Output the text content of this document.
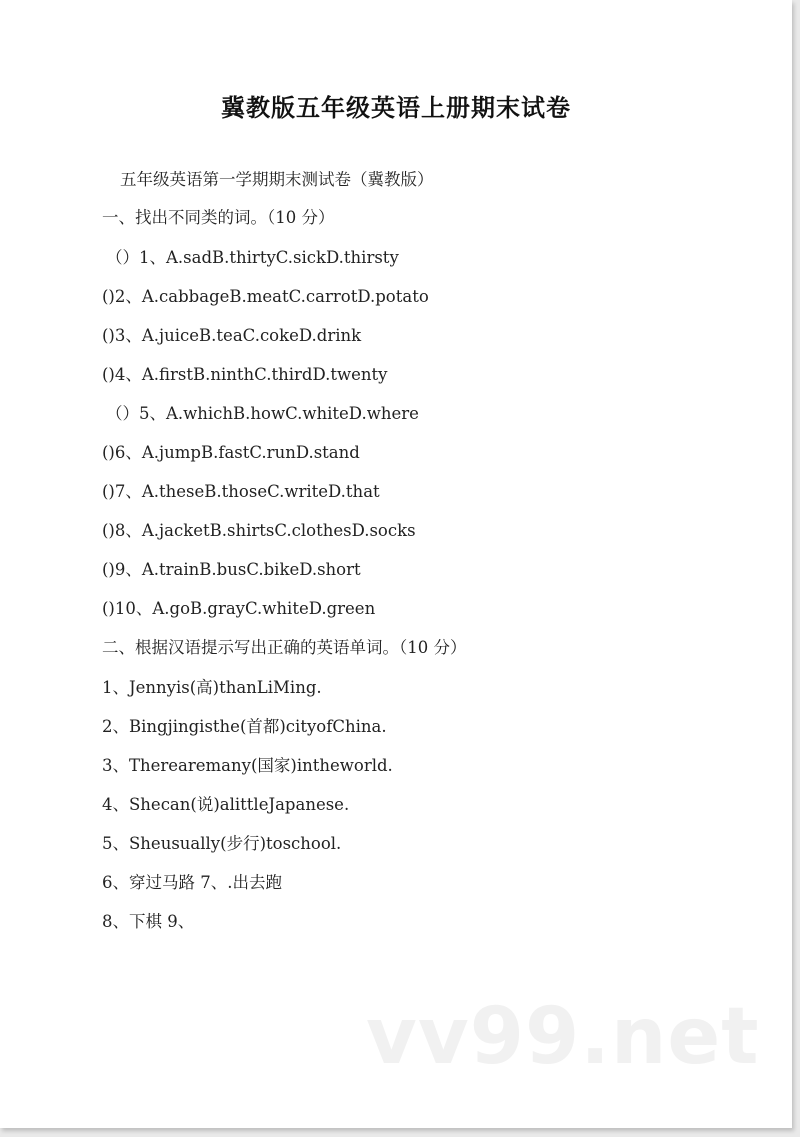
冀教版五年级英语上册期末试卷
五年级英语第一学期期末测试卷（冀教版）
一、找出不同类的词。（10 分）
（）1、A.sadB.thirtyC.sickD.thirsty
()2、A.cabbageB.meatC.carrotD.potato
()3、A.juiceB.teaC.cokeD.drink
()4、A.firstB.ninthC.thirdD.twenty
（）5、A.whichB.howC.whiteD.where
()6、A.jumpB.fastC.runD.stand
()7、A.theseB.thoseC.writeD.that
()8、A.jacketB.shirtsC.clothesD.socks
()9、A.trainB.busC.bikeD.short
()10、A.goB.grayC.whiteD.green
二、根据汉语提示写出正确的英语单词。（10 分）
1、Jennyis(高)thanLiMing.
2、Bingjingisthe(首都)cityofChina.
3、Therearemany(国家)intheworld.
4、Shecan(说)alittleJapanese.
5、Sheusually(步行)toschool.
6、穿过马路 7、.出去跑
8、下棋 9、
vv99.net
